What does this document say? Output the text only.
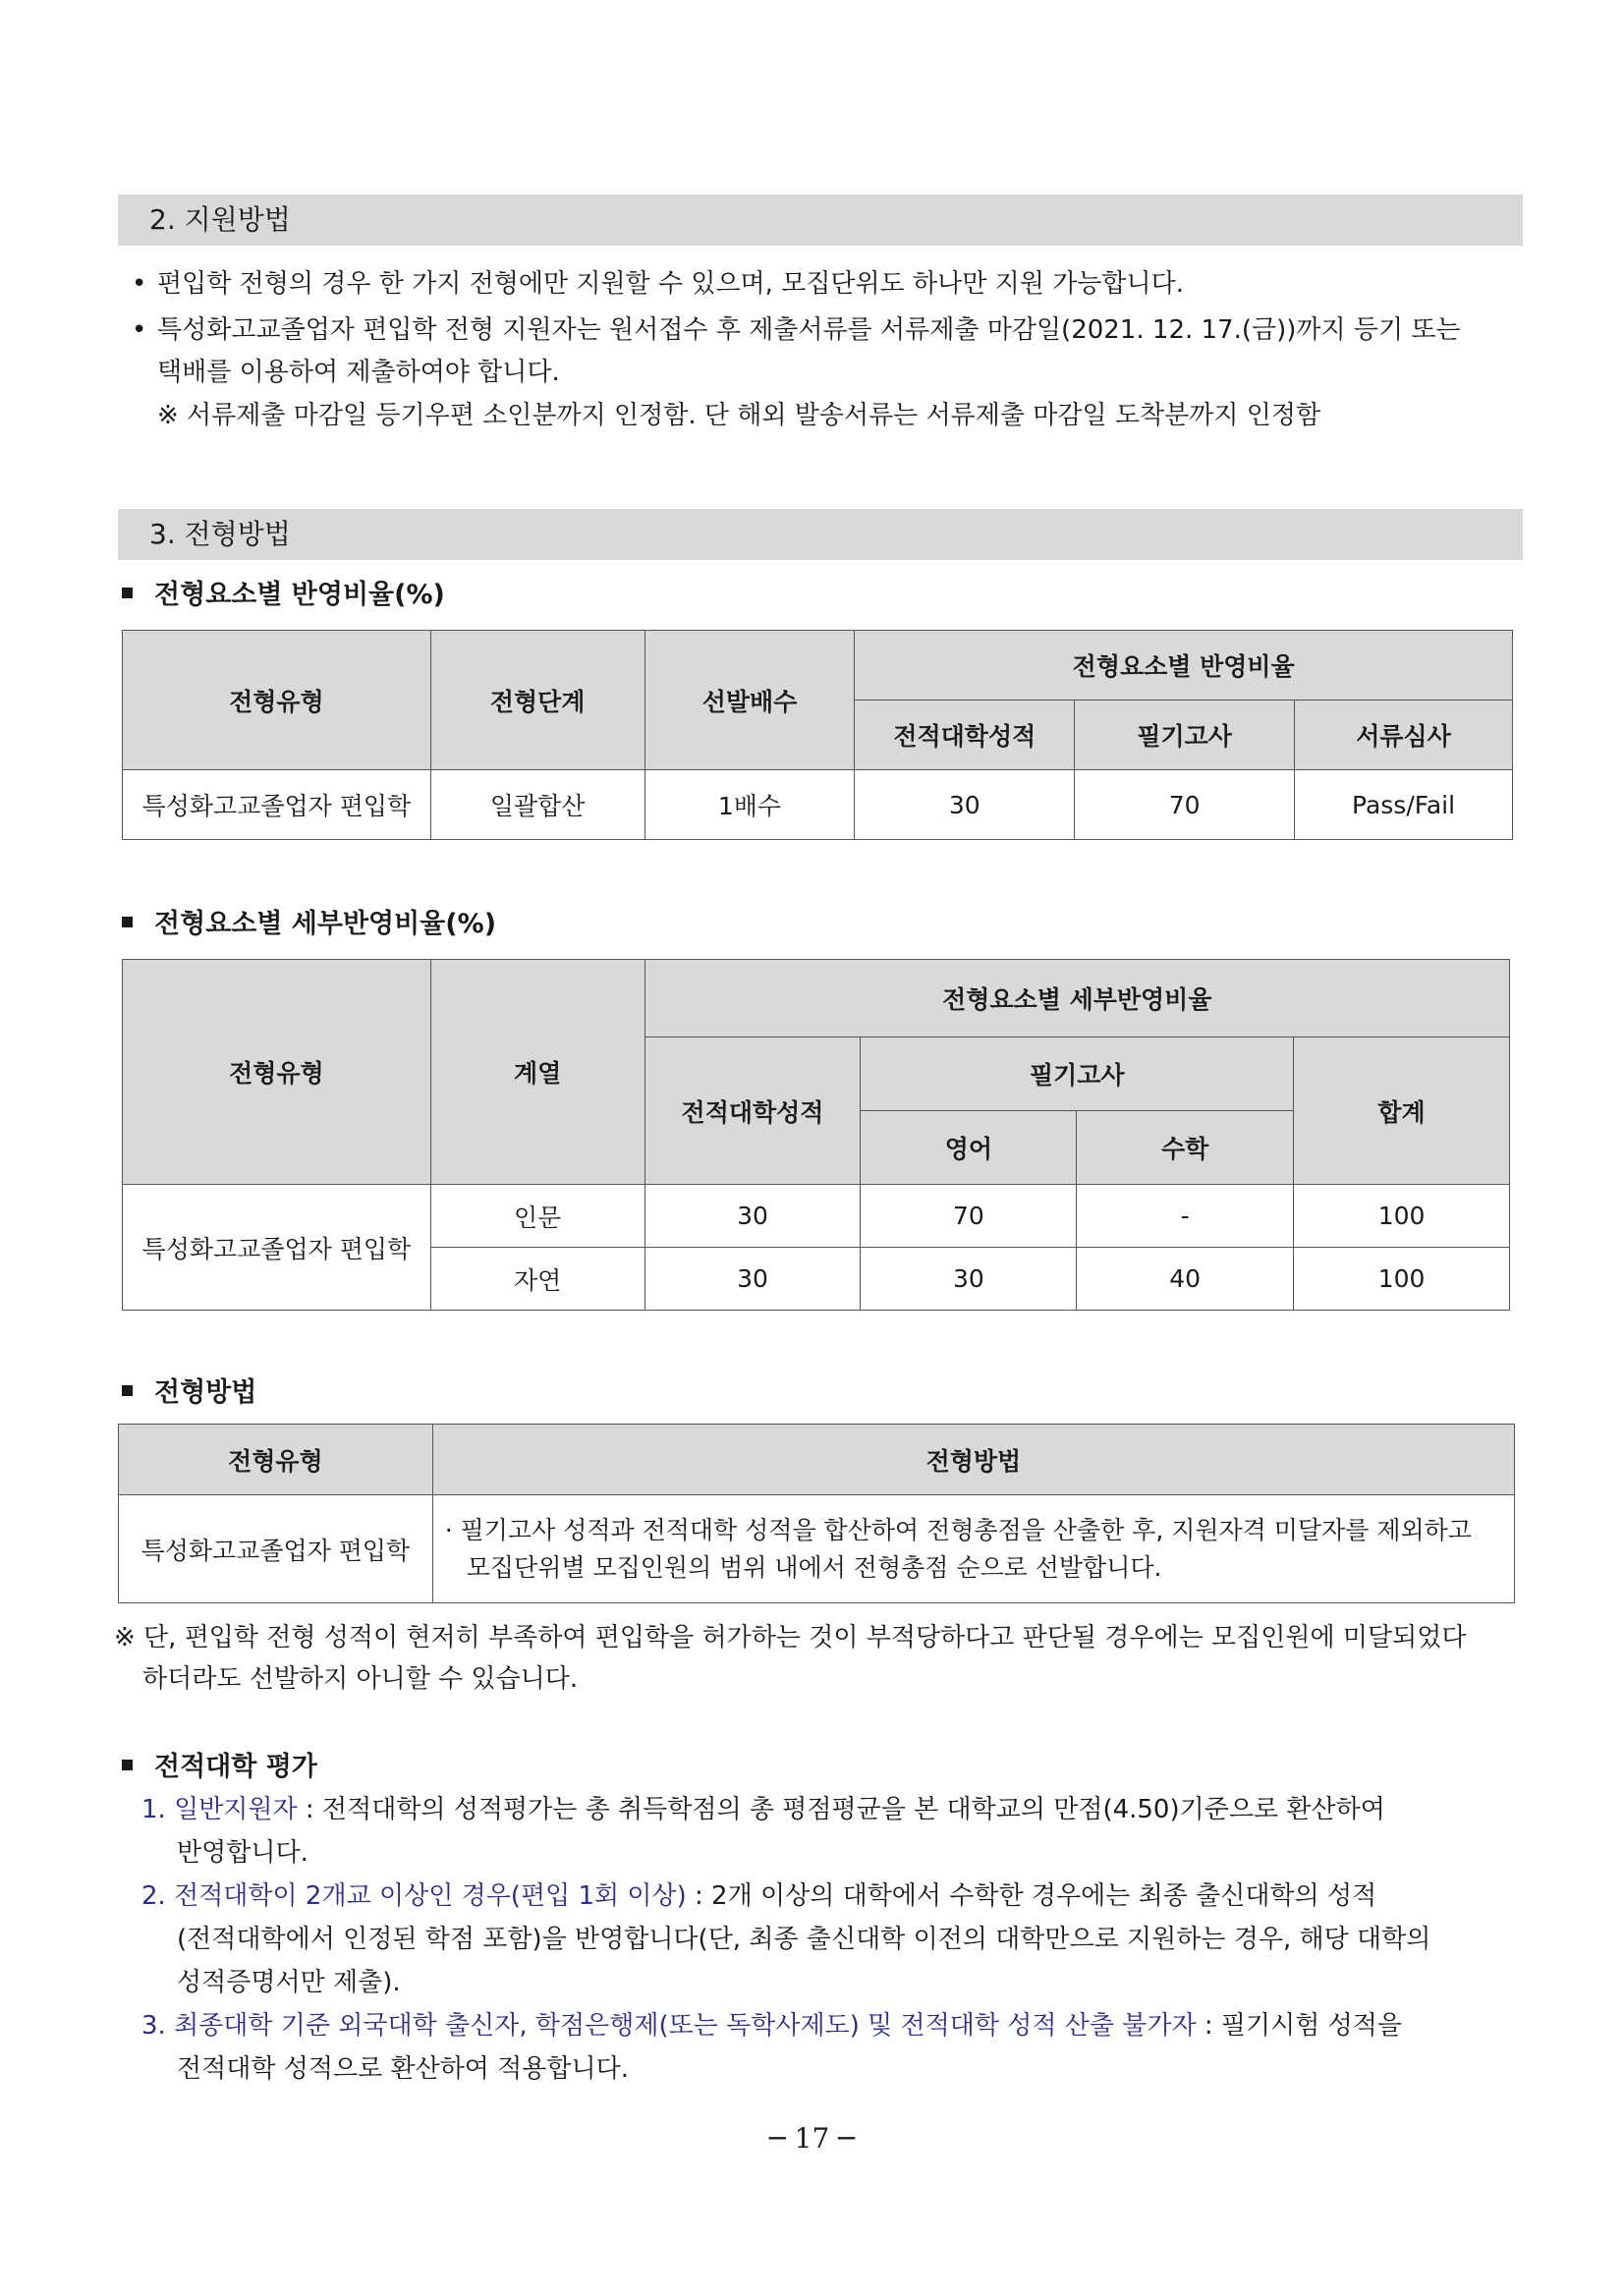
2. 지원방법
• 편입학 전형의 경우 한 가지 전형에만 지원할 수 있으며, 모집단위도 하나만 지원 가능합니다.
• 특성화고교졸업자 편입학 전형 지원자는 원서접수 후 제출서류를 서류제출 마감일(2021. 12. 17.(금))까지 등기 또는
택배를 이용하여 제출하여야 합니다.
※ 서류제출 마감일 등기우편 소인분까지 인정함. 단 해외 발송서류는 서류제출 마감일 도착분까지 인정함
3. 전형방법
전형요소별 반영비율(%)
전형유형	전형단계	선발배수	전형요소별 반영비율		
			전적대학성적	필기고사	서류심사
특성화고교졸업자 편입학	일괄합산	1배수	30	70	Pass/Fail
전형요소별 세부반영비율(%)
전형유형	계열	전형요소별 세부반영비율			
		전적대학성적	필기고사		합계
			영어	수학	
특성화고교졸업자 편입학	인문	30	70	-	100
	자연	30	30	40	100
전형방법
전형유형	전형방법
특성화고교졸업자 편입학	· 필기고사 성적과 전적대학 성적을 합산하여 전형총점을 산출한 후, 지원자격 미달자를 제외하고
모집단위별 모집인원의 범위 내에서 전형총점 순으로 선발합니다.
※ 단, 편입학 전형 성적이 현저히 부족하여 편입학을 허가하는 것이 부적당하다고 판단될 경우에는 모집인원에 미달되었다
하더라도 선발하지 아니할 수 있습니다.
전적대학 평가
1. 일반지원자 : 전적대학의 성적평가는 총 취득학점의 총 평점평균을 본 대학교의 만점(4.50)기준으로 환산하여
반영합니다.
2. 전적대학이 2개교 이상인 경우(편입 1회 이상) : 2개 이상의 대학에서 수학한 경우에는 최종 출신대학의 성적
(전적대학에서 인정된 학점 포함)을 반영합니다(단, 최종 출신대학 이전의 대학만으로 지원하는 경우, 해당 대학의
성적증명서만 제출).
3. 최종대학 기준 외국대학 출신자, 학점은행제(또는 독학사제도) 및 전적대학 성적 산출 불가자 : 필기시험 성적을
전적대학 성적으로 환산하여 적용합니다.
─ 17 ─
